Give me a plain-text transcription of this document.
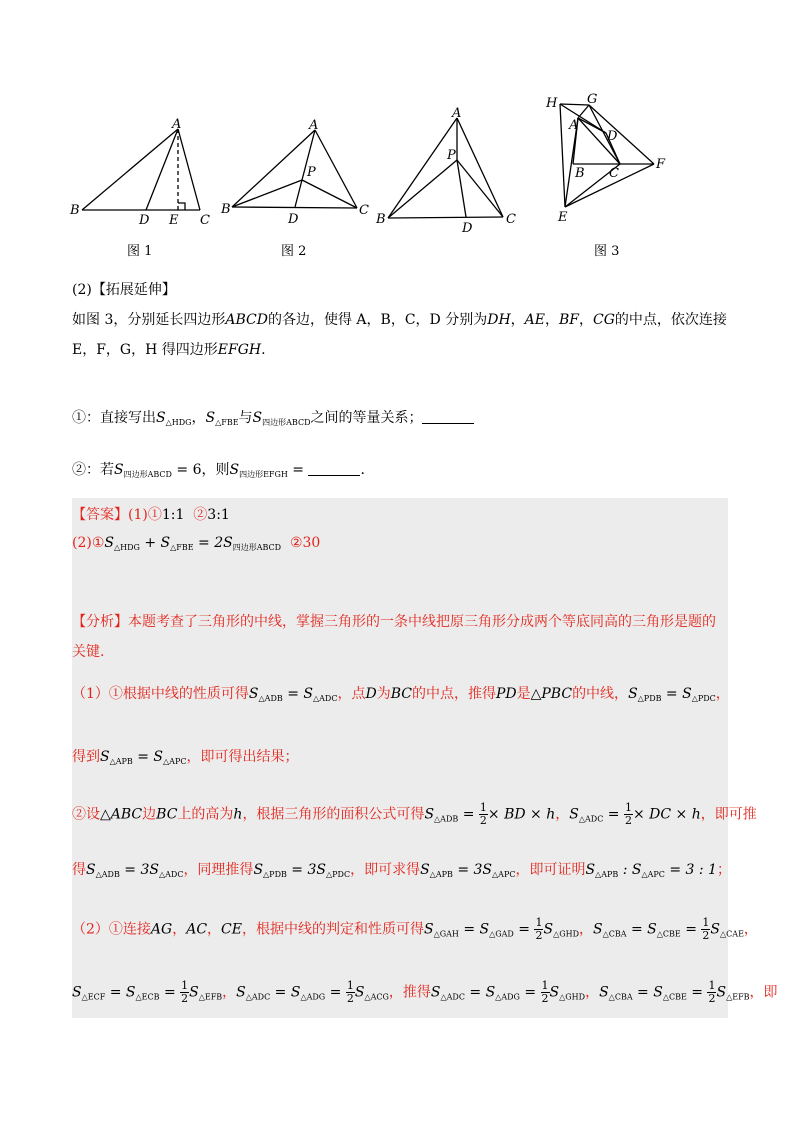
A
B
D E C
A
P
B
D
C
A
P
B
D
C
H G
A
D
B C
F
E
图 1	图 2	图 3
(2)【拓展延伸】
如图 3，分别延长四边形ABCD的各边，使得 A，B，C，D 分别为DH，AE，BF，CG的中点，依次连接
E，F，G，H 得四边形EFGH.
①：直接写出$S_{\triangle HDG}$，$S_{\triangle FBE}$与$S_{四边形ABCD}$之间的等量关系；
②：若$S_{四边形ABCD} = 6$，则$S_{四边形EFGH}$ =	.
【答案】(1)①1:1 ②3:1
$(2)①S_{\triangle HDG} + S_{\triangle FBE} = 2S_{四边形ABCD}$ ②30
【分析】本题考查了三角形的中线，掌握三角形的一条中线把原三角形分成两个等底同高的三角形是题的
关键.
（1）①根据中线的性质可得$S_{\triangle ADB} = S_{\triangle ADC}$，点D为BC的中点，推得PD是△PBC的中线，$S_{\triangle PDB} = S_{\triangle PDC}$，
得到$S_{\triangle APB} = S_{\triangle APC}$，即可得出结果；
②设△ABC边BC上的高为h，根据三角形的面积公式可得$S_{\triangle ADB} = \frac{1}{2}$ × BD × h，$S_{\triangle ADC} = \frac{1}{2}$ × DC × h，即可推
得$S_{\triangle ADB} = 3S_{\triangle ADC}$，同理推得$S_{\triangle PDB} = 3S_{\triangle PDC}$，即可求得$S_{\triangle APB} = 3S_{\triangle APC}$，即可证明$S_{\triangle APB}$ : $S_{\triangle APC} = 3$ : 1；
（2）①连接AG，AC，CE，根据中线的判定和性质可得$S_{\triangle GAH} = S_{\triangle GAD} = \frac{1}{2} S_{\triangle GHD}$，$S_{\triangle CBA} = S_{\triangle CBE} = \frac{1}{2} S_{\triangle CAE}$，
$S_{\triangle ECF} = S_{\triangle ECB} = \frac{1}{2} S_{\triangle EFB}$，$S_{\triangle ADC} = S_{\triangle ADG} = \frac{1}{2} S_{\triangle ACG}$，推得$S_{\triangle ADC} = S_{\triangle ADG} = \frac{1}{2} S_{\triangle GHD}$，$S_{\triangle CBA} = S_{\triangle CBE} = \frac{1}{2} S_{\triangle EFB}$，即
